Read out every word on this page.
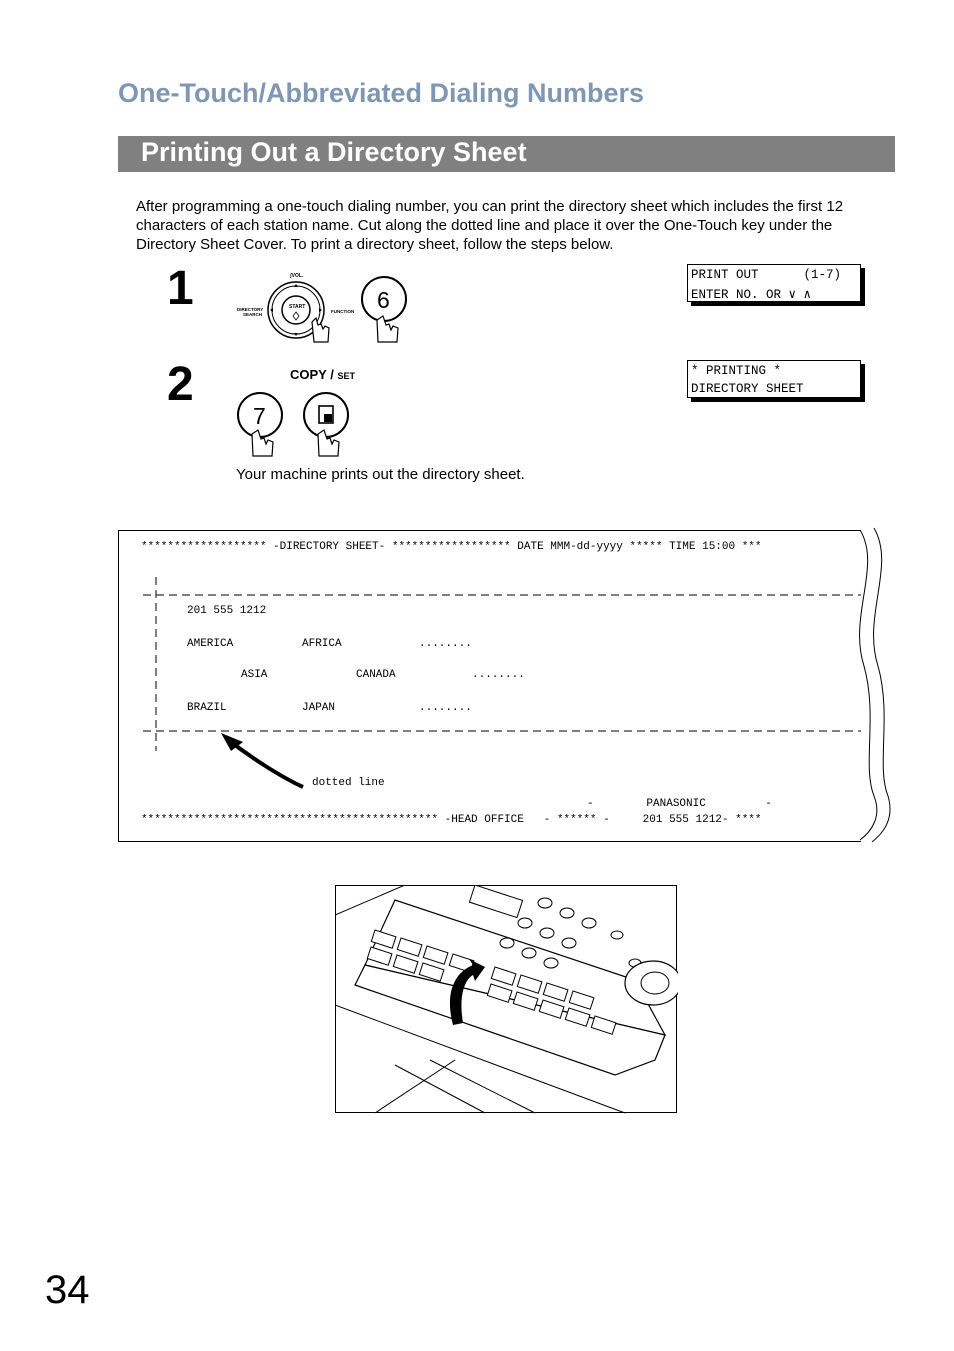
One-Touch/Abbreviated Dialing Numbers
Printing Out a Directory Sheet
After programming a one-touch dialing number, you can print the directory sheet which includes the first 12 characters of each station name. Cut along the dotted line and place it over the One-Touch key under the Directory Sheet Cover. To print a directory sheet, follow the steps below.
1	ʃVOL.
START
DIRECTORY
SEARCH
FUNCTION 6
PRINT OUT      (1-7)
ENTER NO. OR ∨ ∧
2	COPY / SET
7
* PRINTING *
DIRECTORY SHEET
Your machine prints out the directory sheet.
******************* -DIRECTORY SHEET- ****************** DATE MMM-dd-yyyy ***** TIME 15:00 ***
201 555 1212
AMERICA	AFRICA	........
ASIA	CANADA	........
BRAZIL	JAPAN	........
dotted line
-        PANASONIC         -
********************************************* -HEAD OFFICE   - ****** -     201 555 1212- ****
34
